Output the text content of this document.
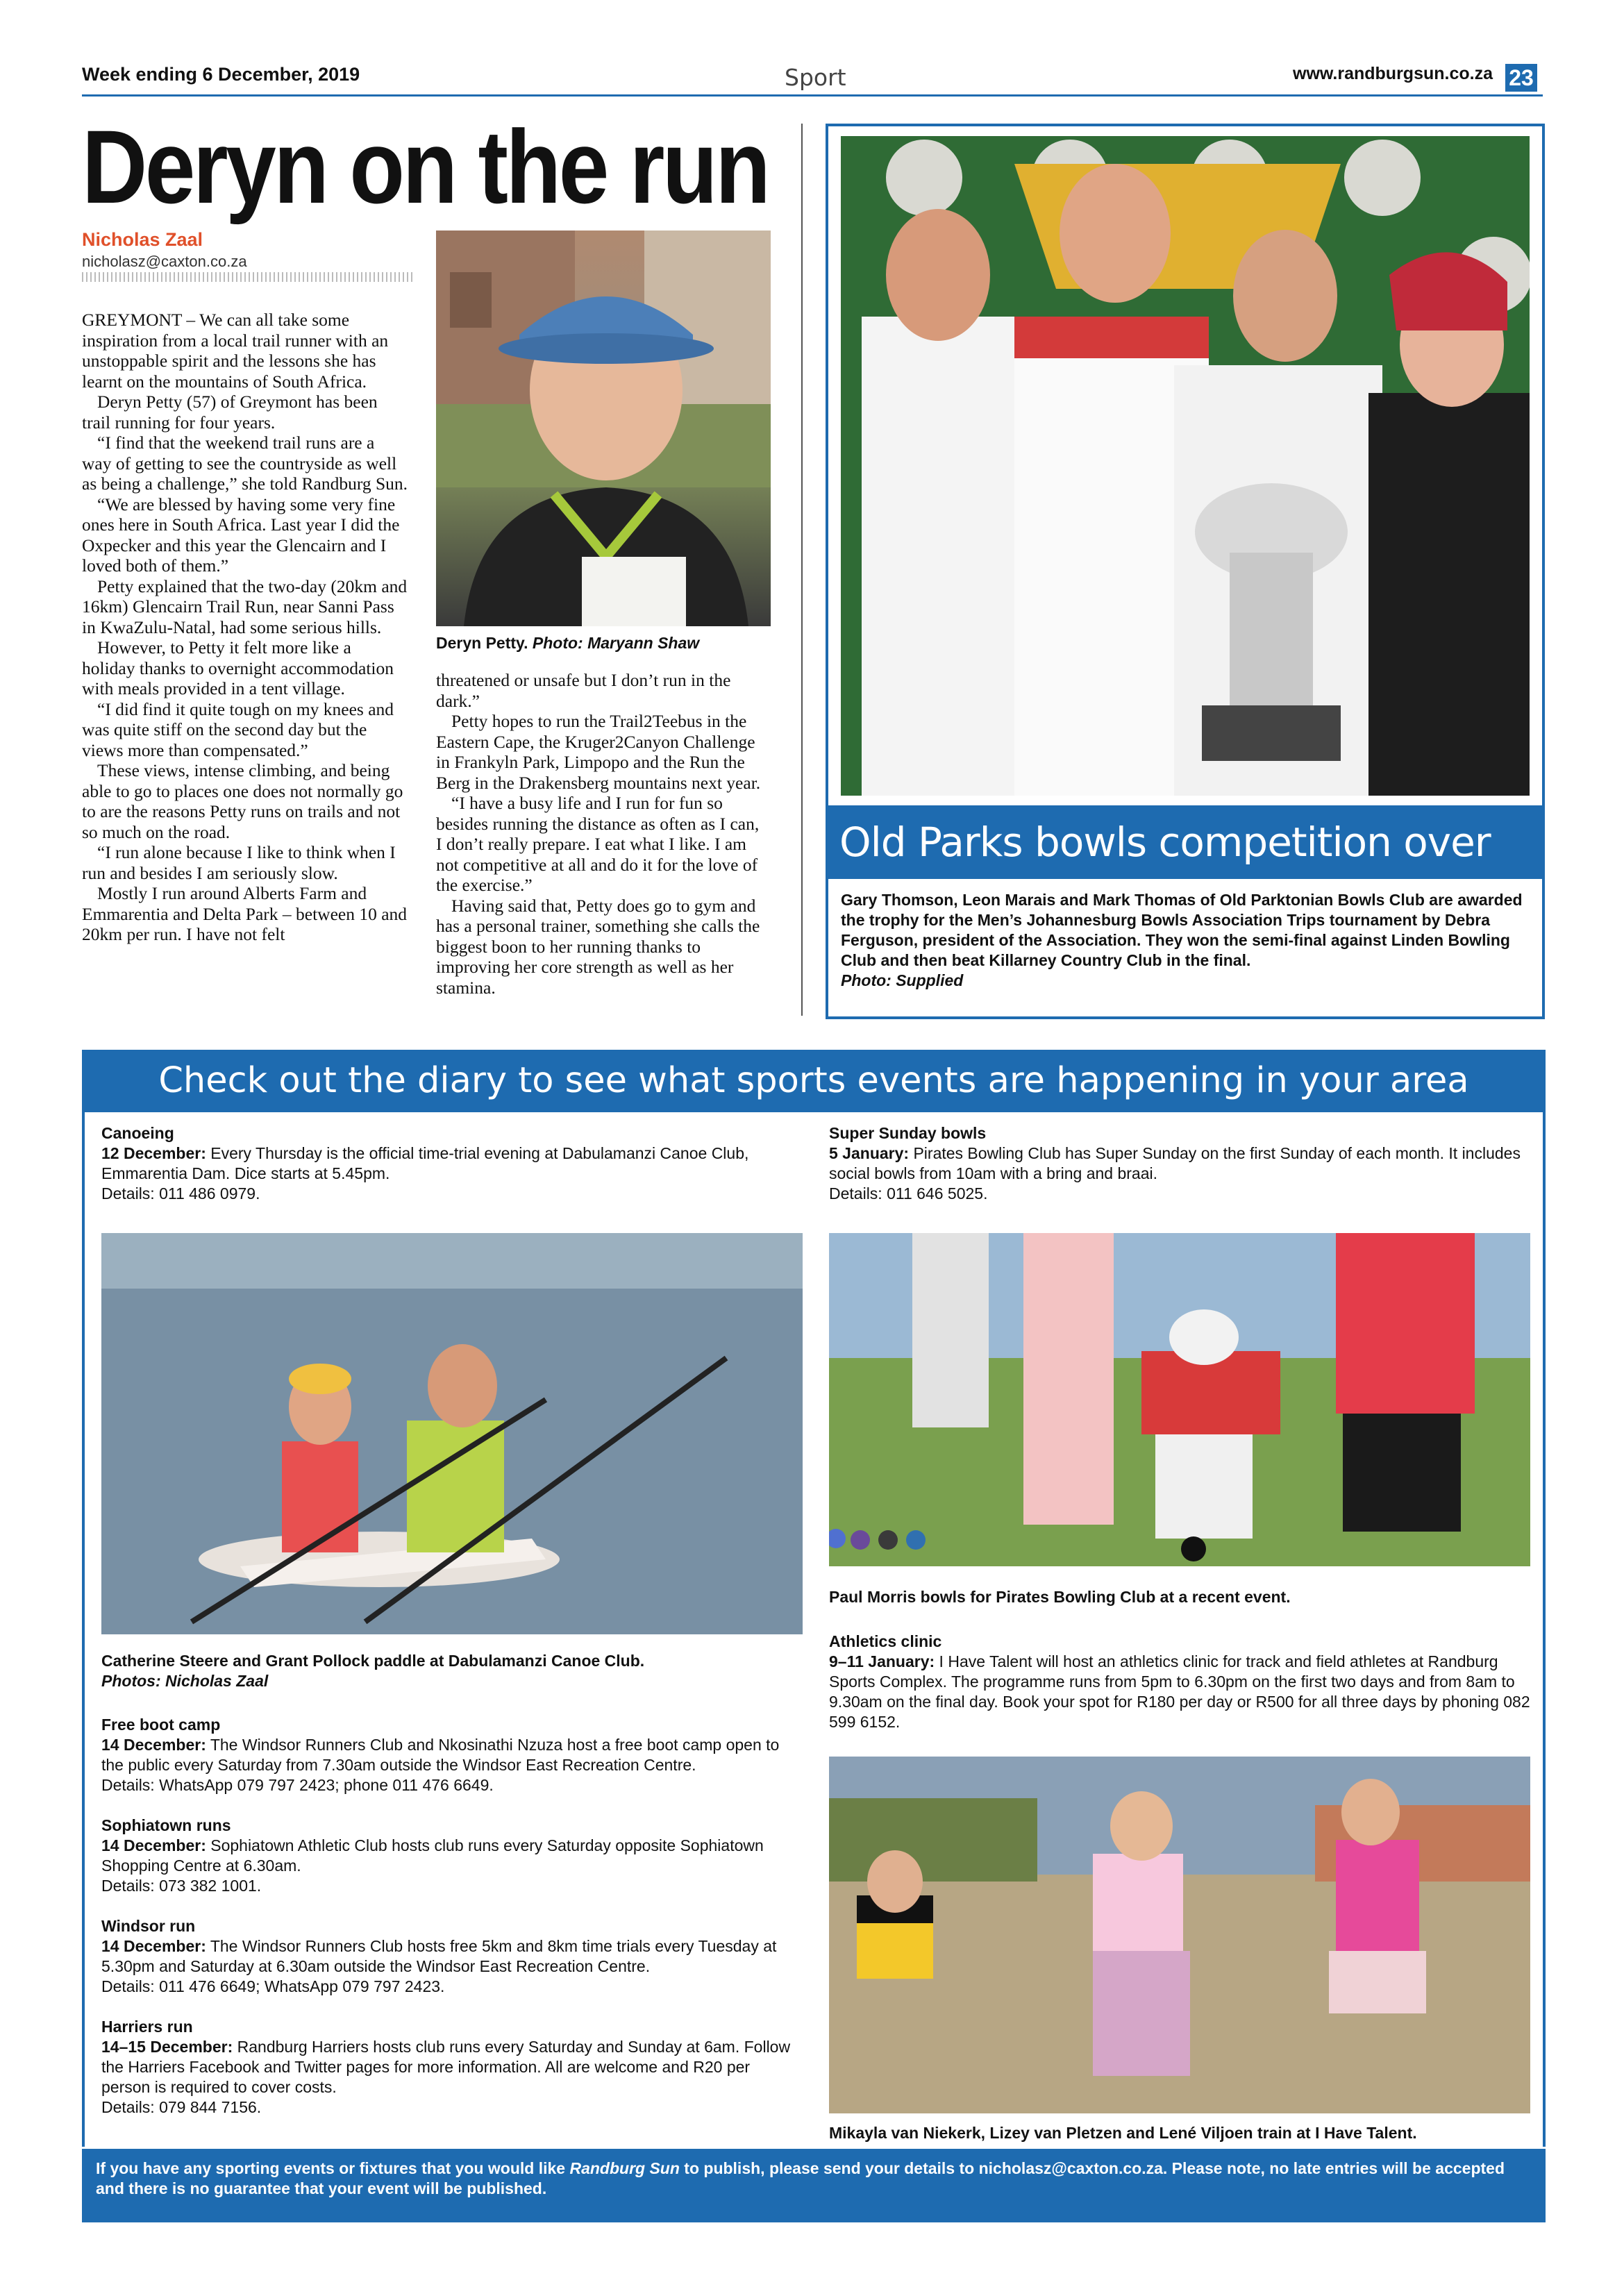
Week ending 6 December, 2019	Sport	www.randburgsun.co.za 23
Deryn on the run
Nicholas Zaal
nicholasz@caxton.co.za

GREYMONT – We can all take some inspiration from a local trail runner with an unstoppable spirit and the lessons she has learnt on the mountains of South Africa.

Deryn Petty (57) of Greymont has been trail running for four years.

“I find that the weekend trail runs are a way of getting to see the countryside as well as being a challenge,” she told Randburg Sun.

“We are blessed by having some very fine ones here in South Africa. Last year I did the Oxpecker and this year the Glencairn and I loved both of them.”

Petty explained that the two-day (20km and 16km) Glencairn Trail Run, near Sanni Pass in KwaZulu-Natal, had some serious hills.

However, to Petty it felt more like a holiday thanks to overnight accommodation with meals provided in a tent village.

“I did find it quite tough on my knees and was quite stiff on the second day but the views more than compensated.”

These views, intense climbing, and being able to go to places one does not normally go to are the reasons Petty runs on trails and not so much on the road.

“I run alone because I like to think when I run and besides I am seriously slow.

Mostly I run around Alberts Farm and Emmarentia and Delta Park – between 10 and 20km per run. I have not felt

Deryn Petty. Photo: Maryann Shaw

threatened or unsafe but I don’t run in the dark.”

Petty hopes to run the Trail2Teebus in the Eastern Cape, the Kruger2Canyon Challenge in Frankyln Park, Limpopo and the Run the Berg in the Drakensberg mountains next year.

“I have a busy life and I run for fun so besides running the distance as often as I can, I don’t really prepare. I eat what I like. I am not competitive at all and do it for the love of the exercise.”

Having said that, Petty does go to gym and has a personal trainer, something she calls the biggest boon to her running thanks to improving her core strength as well as her stamina.

Old Parks bowls competition over
Gary Thomson, Leon Marais and Mark Thomas of Old Parktonian Bowls Club are awarded the trophy for the Men’s Johannesburg Bowls Association Trips tournament by Debra Ferguson, president of the Association. They won the semi-final against Linden Bowling Club and then beat Killarney Country Club in the final.
Photo: Supplied
Check out the diary to see what sports events are happening in your area
Canoeing
12 December: Every Thursday is the official time-trial evening at Dabulamanzi Canoe Club, Emmarentia Dam. Dice starts at 5.45pm.
Details: 011 486 0979.
Catherine Steere and Grant Pollock paddle at Dabulamanzi Canoe Club.
Photos: Nicholas Zaal
Free boot camp
14 December: The Windsor Runners Club and Nkosinathi Nzuza host a free boot camp open to the public every Saturday from 7.30am outside the Windsor East Recreation Centre.
Details: WhatsApp 079 797 2423; phone 011 476 6649.
Sophiatown runs
14 December: Sophiatown Athletic Club hosts club runs every Saturday opposite Sophiatown Shopping Centre at 6.30am.
Details: 073 382 1001.
Windsor run
14 December: The Windsor Runners Club hosts free 5km and 8km time trials every Tuesday at 5.30pm and Saturday at 6.30am outside the Windsor East Recreation Centre.
Details: 011 476 6649; WhatsApp 079 797 2423.
Harriers run
14–15 December: Randburg Harriers hosts club runs every Saturday and Sunday at 6am. Follow the Harriers Facebook and Twitter pages for more information. All are welcome and R20 per person is required to cover costs.
Details: 079 844 7156.
Super Sunday bowls
5 January: Pirates Bowling Club has Super Sunday on the first Sunday of each month. It includes social bowls from 10am with a bring and braai.
Details: 011 646 5025.
Paul Morris bowls for Pirates Bowling Club at a recent event.
Athletics clinic
9–11 January: I Have Talent will host an athletics clinic for track and field athletes at Randburg Sports Complex. The programme runs from 5pm to 6.30pm on the first two days and from 8am to 9.30am on the final day. Book your spot for R180 per day or R500 for all three days by phoning 082 599 6152.
Mikayla van Niekerk, Lizey van Pletzen and Lené Viljoen train at I Have Talent.
If you have any sporting events or fixtures that you would like Randburg Sun to publish, please send your details to nicholasz@caxton.co.za. Please note, no late entries will be accepted and there is no guarantee that your event will be published.
